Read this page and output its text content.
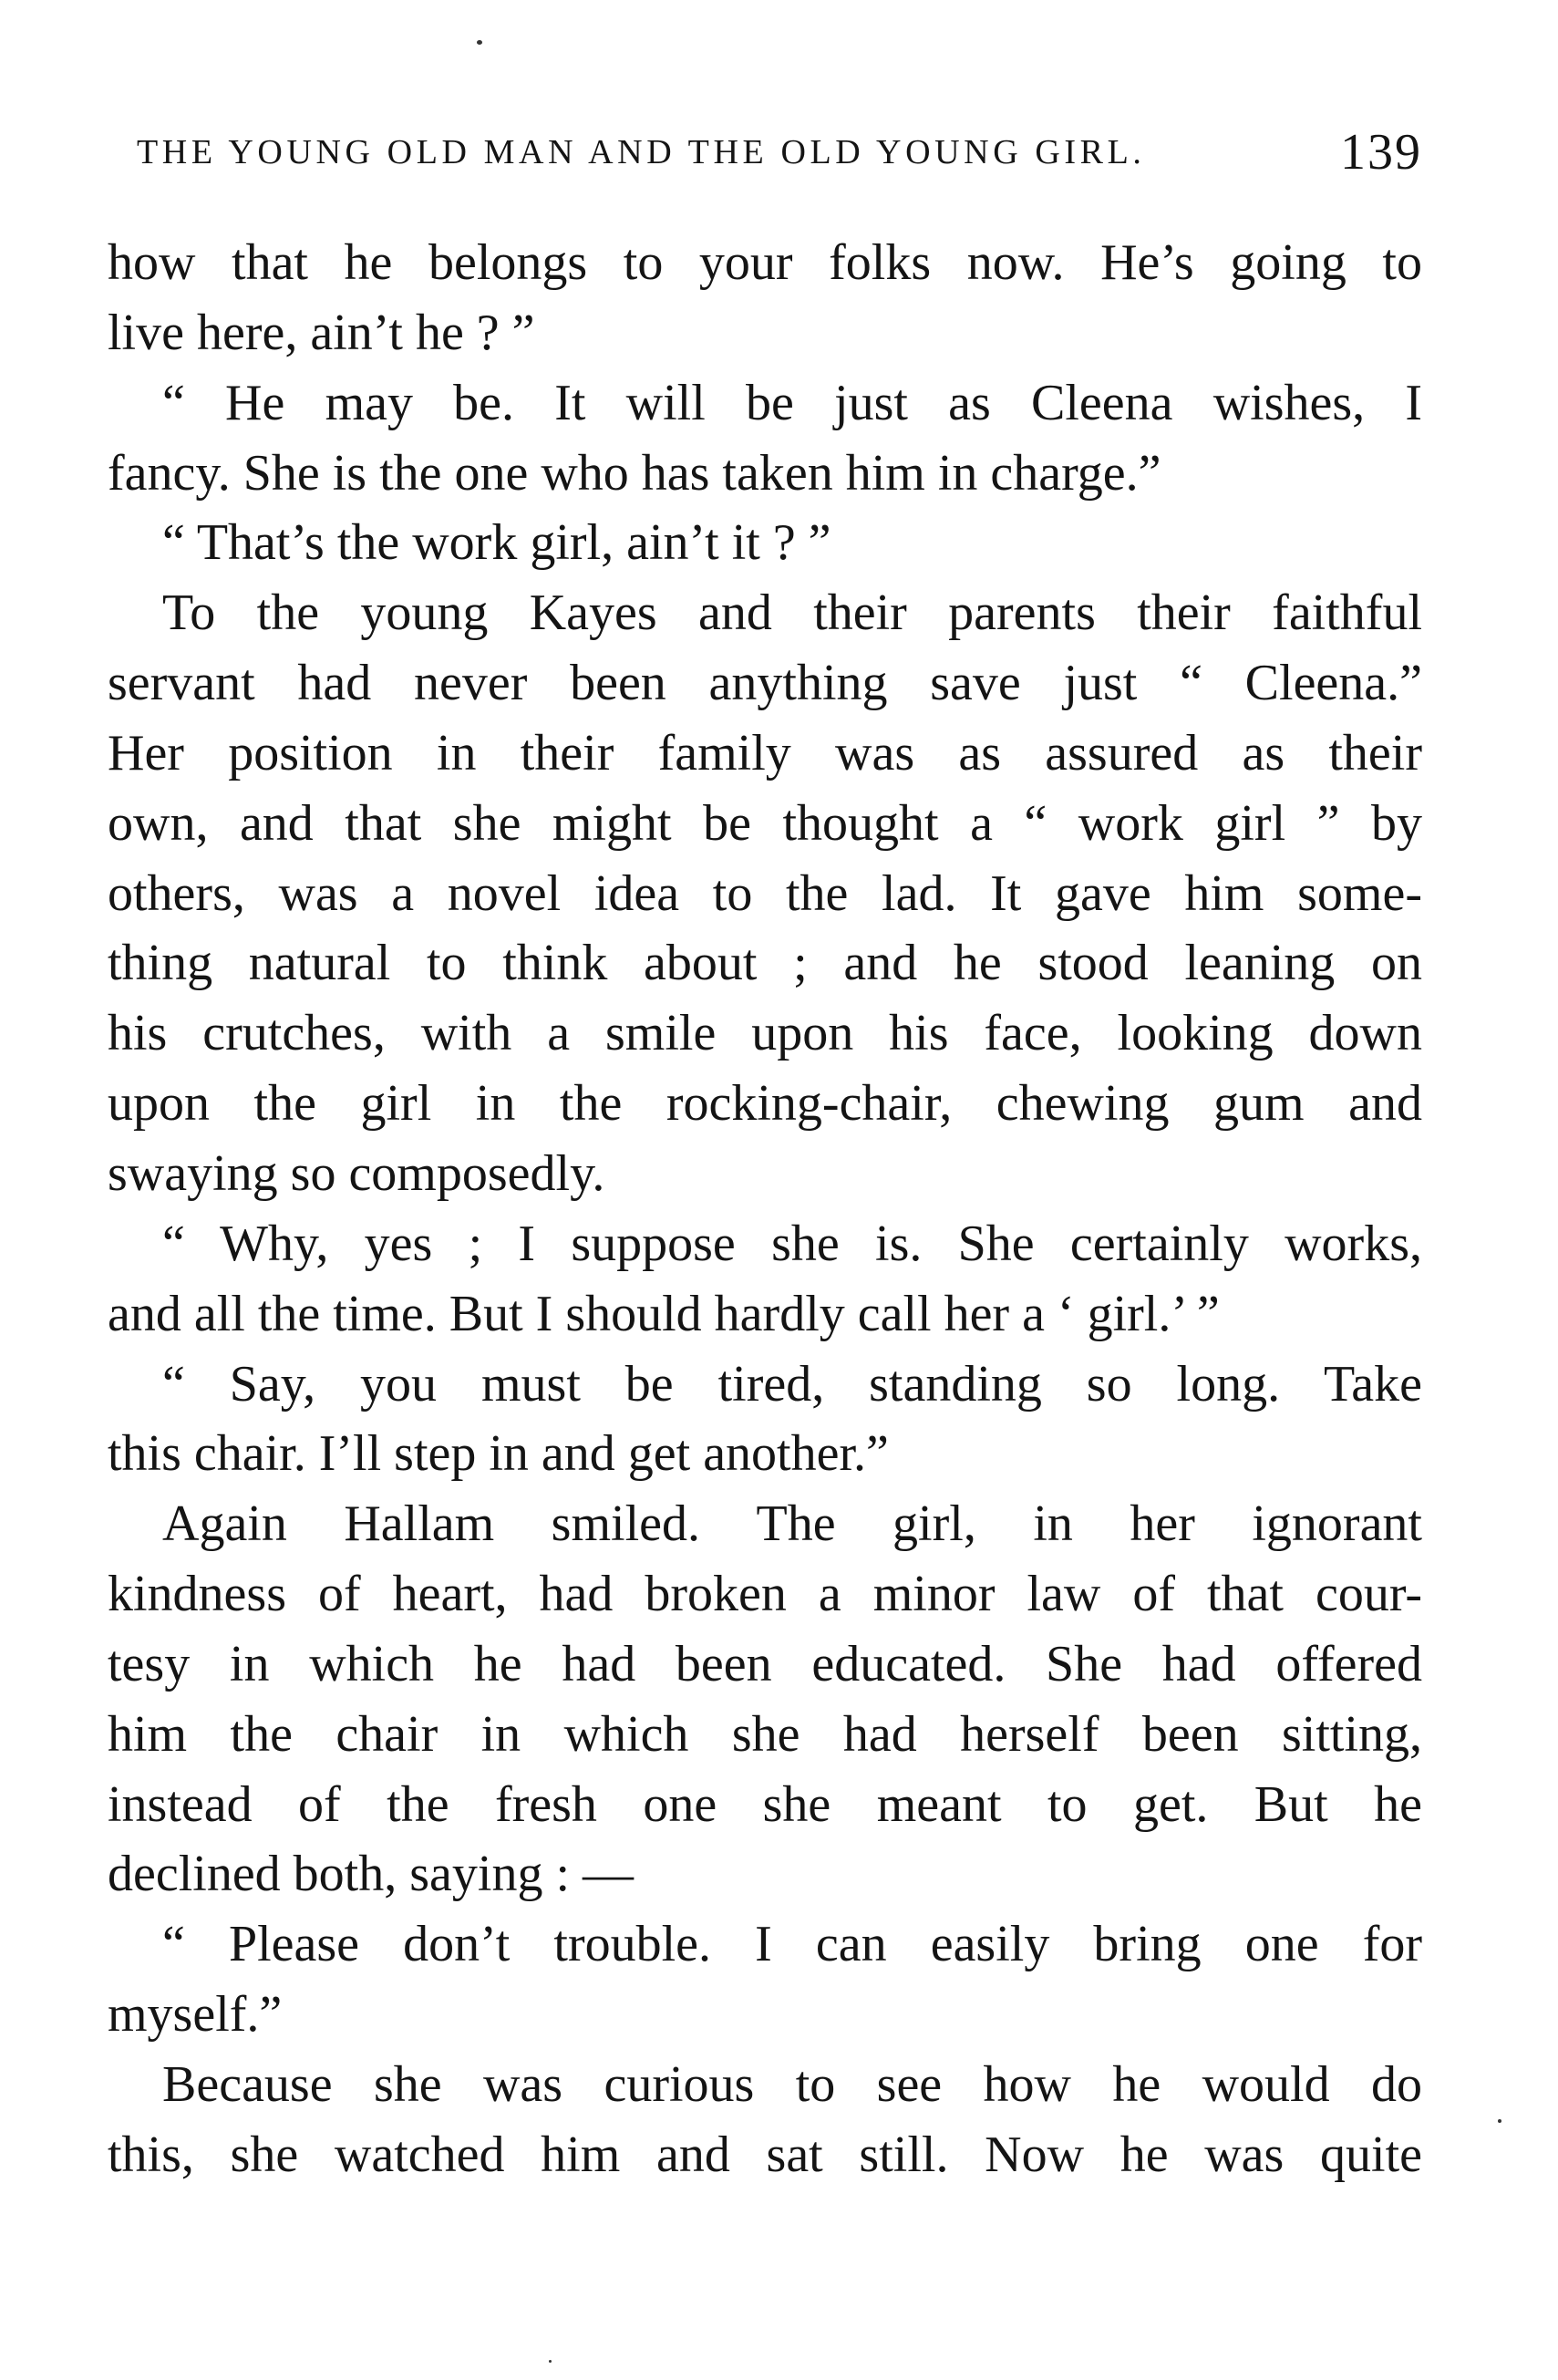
THE YOUNG OLD MAN AND THE OLD YOUNG GIRL.	139
how that he belongs to your folks now. He’s going to
live here, ain’t he ? ”
“ He may be. It will be just as Cleena wishes, I
fancy. She is the one who has taken him in charge.”
“ That’s the work girl, ain’t it ? ”
To the young Kayes and their parents their faithful
servant had never been anything save just “ Cleena.”
Her position in their family was as assured as their
own, and that she might be thought a “ work girl ” by
others, was a novel idea to the lad. It gave him some-
thing natural to think about ; and he stood leaning on
his crutches, with a smile upon his face, looking down
upon the girl in the rocking-chair, chewing gum and
swaying so composedly.
“ Why, yes ; I suppose she is. She certainly works,
and all the time. But I should hardly call her a ‘ girl.’ ”
“ Say, you must be tired, standing so long. Take
this chair. I’ll step in and get another.”
Again Hallam smiled. The girl, in her ignorant
kindness of heart, had broken a minor law of that cour-
tesy in which he had been educated. She had offered
him the chair in which she had herself been sitting,
instead of the fresh one she meant to get. But he
declined both, saying : —
“ Please don’t trouble. I can easily bring one for
myself.”
Because she was curious to see how he would do
this, she watched him and sat still. Now he was quite
